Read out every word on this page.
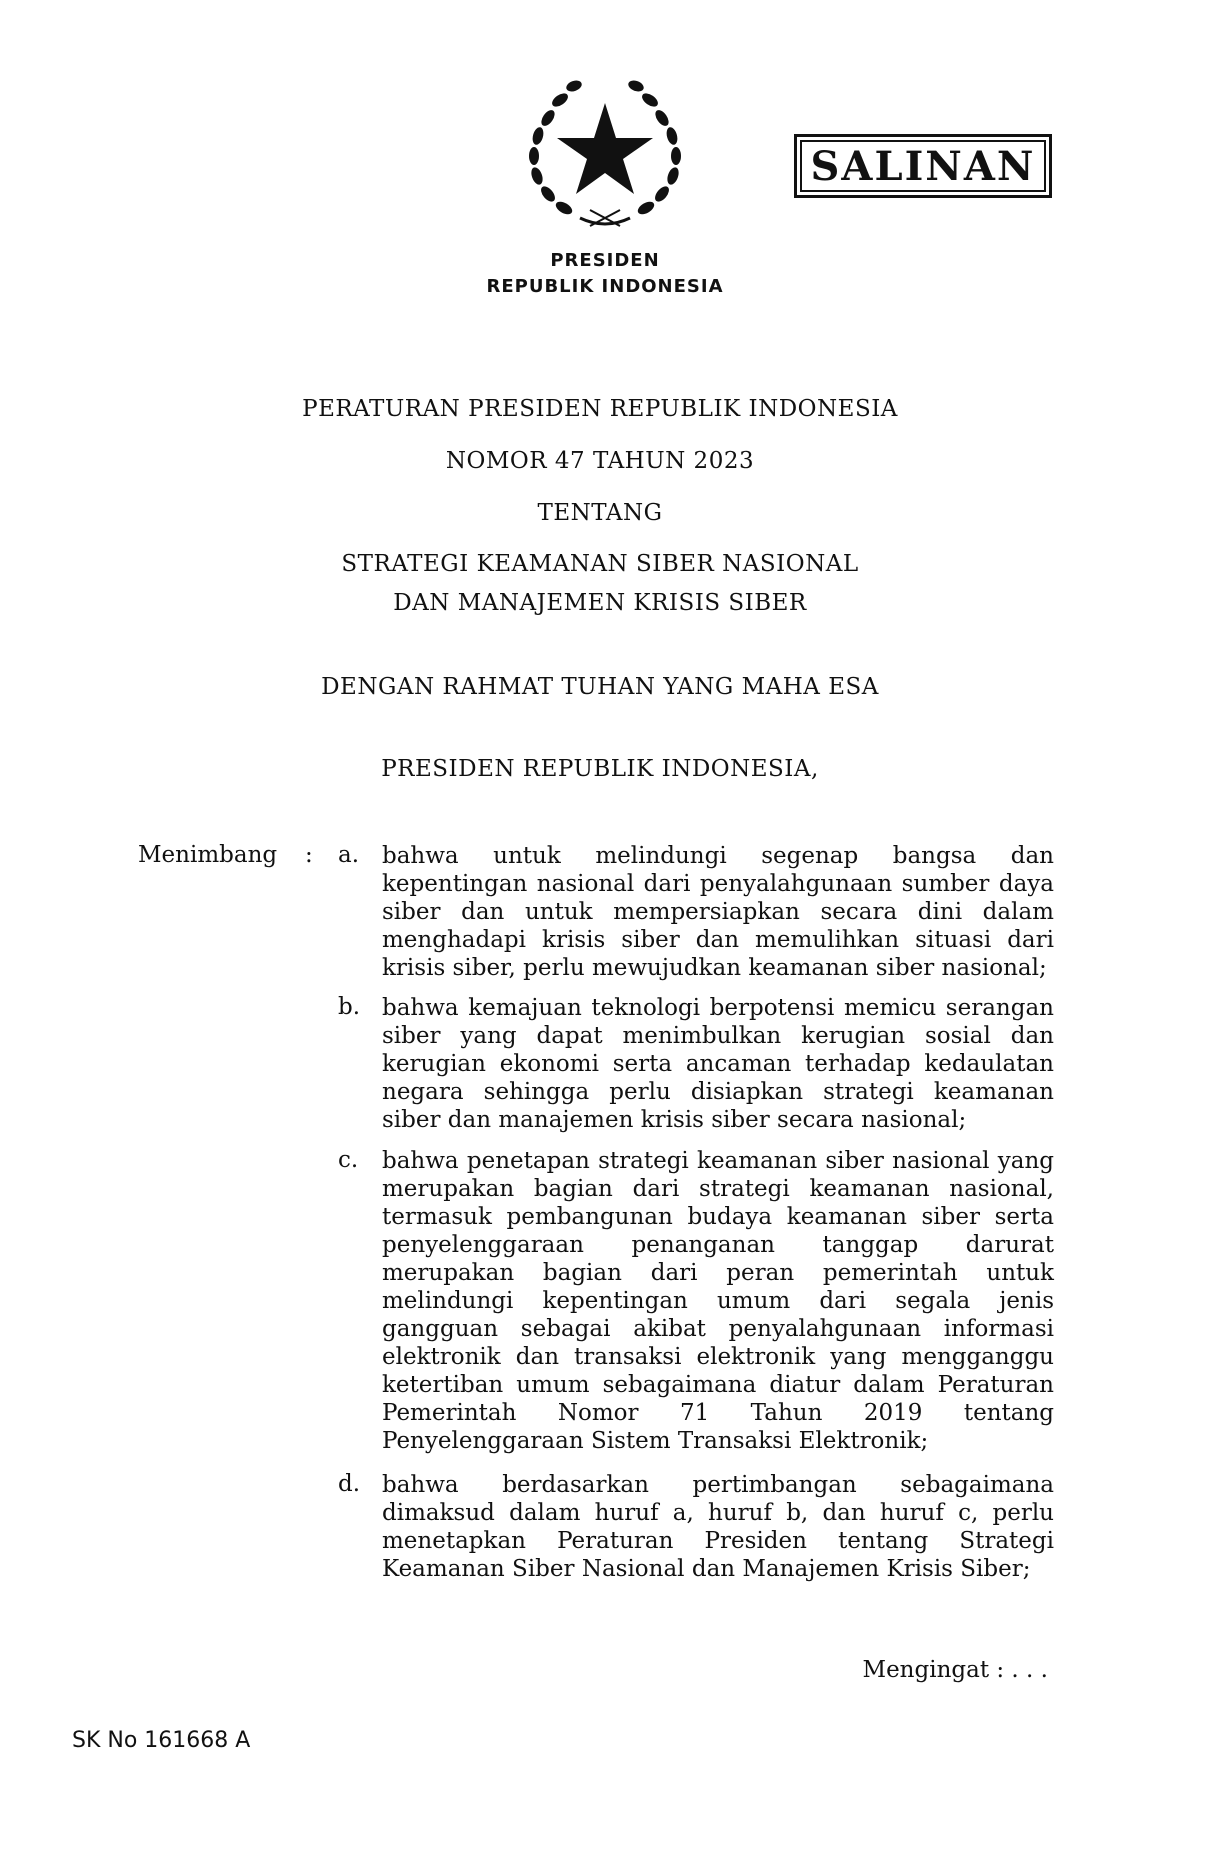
SALINAN
PRESIDEN
REPUBLIK INDONESIA
PERATURAN PRESIDEN REPUBLIK INDONESIA
NOMOR 47 TAHUN 2023
TENTANG
STRATEGI KEAMANAN SIBER NASIONAL
DAN MANAJEMEN KRISIS SIBER
DENGAN RAHMAT TUHAN YANG MAHA ESA
PRESIDEN REPUBLIK INDONESIA,
Menimbang : a. bahwa untuk melindungi segenap bangsa dan kepentingan nasional dari penyalahgunaan sumber daya siber dan untuk mempersiapkan secara dini dalam menghadapi krisis siber dan memulihkan situasi dari krisis siber, perlu mewujudkan keamanan siber nasional;
b. bahwa kemajuan teknologi berpotensi memicu serangan siber yang dapat menimbulkan kerugian sosial dan kerugian ekonomi serta ancaman terhadap kedaulatan negara sehingga perlu disiapkan strategi keamanan siber dan manajemen krisis siber secara nasional;
c. bahwa penetapan strategi keamanan siber nasional yang merupakan bagian dari strategi keamanan nasional, termasuk pembangunan budaya keamanan siber serta penyelenggaraan penanganan tanggap darurat merupakan bagian dari peran pemerintah untuk melindungi kepentingan umum dari segala jenis gangguan sebagai akibat penyalahgunaan informasi elektronik dan transaksi elektronik yang mengganggu ketertiban umum sebagaimana diatur dalam Peraturan Pemerintah Nomor 71 Tahun 2019 tentang Penyelenggaraan Sistem Transaksi Elektronik;
d. bahwa berdasarkan pertimbangan sebagaimana dimaksud dalam huruf a, huruf b, dan huruf c, perlu menetapkan Peraturan Presiden tentang Strategi Keamanan Siber Nasional dan Manajemen Krisis Siber;
Mengingat : . . .
SK No 161668 A
